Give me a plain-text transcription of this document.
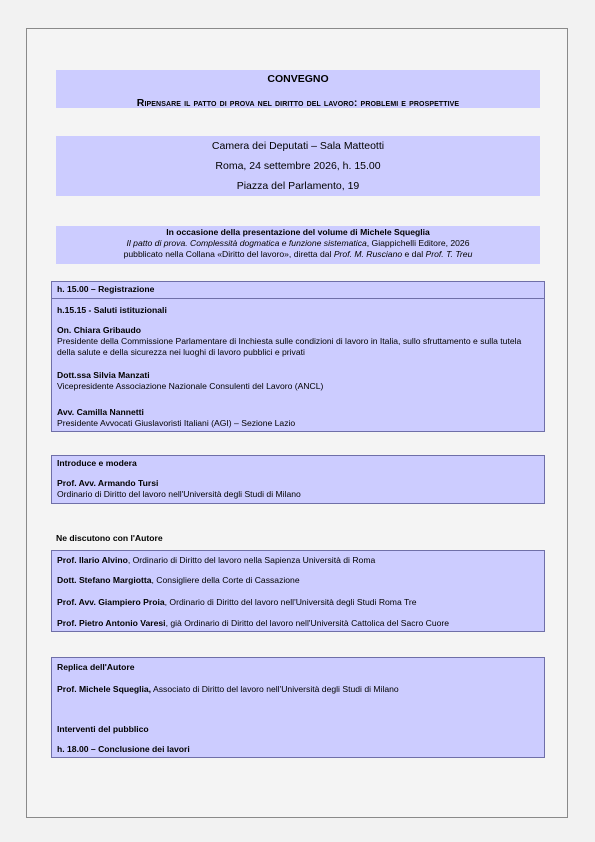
CONVEGNO
Ripensare il patto di prova nel diritto del lavoro: problemi e prospettive
Camera dei Deputati – Sala Matteotti
Roma, 24 settembre 2026, h. 15.00
Piazza del Parlamento, 19
In occasione della presentazione del volume di Michele Squeglia
Il patto di prova. Complessità dogmatica e funzione sistematica, Giappichelli Editore, 2026
pubblicato nella Collana «Diritto del lavoro», diretta dal Prof. M. Rusciano e dal Prof. T. Treu
h. 15.00 – Registrazione
h.15.15 - Saluti istituzionali
On. Chiara Gribaudo
Presidente della Commissione Parlamentare di Inchiesta sulle condizioni di lavoro in Italia, sullo sfruttamento e sulla tutela della salute e della sicurezza nei luoghi di lavoro pubblici e privati
Dott.ssa Silvia Manzati
Vicepresidente Associazione Nazionale Consulenti del Lavoro (ANCL)
Avv. Camilla Nannetti
Presidente Avvocati Giuslavoristi Italiani (AGI) – Sezione Lazio
Introduce e modera
Prof. Avv. Armando Tursi
Ordinario di Diritto del lavoro nell'Università degli Studi di Milano
Ne discutono con l'Autore
Prof. Ilario Alvino, Ordinario di Diritto del lavoro nella Sapienza Università di Roma
Dott. Stefano Margiotta, Consigliere della Corte di Cassazione
Prof. Avv. Giampiero Proia, Ordinario di Diritto del lavoro nell'Università degli Studi Roma Tre
Prof. Pietro Antonio Varesi, già Ordinario di Diritto del lavoro nell'Università Cattolica del Sacro Cuore
Replica dell'Autore
Prof. Michele Squeglia, Associato di Diritto del lavoro nell'Università degli Studi di Milano
Interventi del pubblico
h. 18.00 – Conclusione dei lavori
